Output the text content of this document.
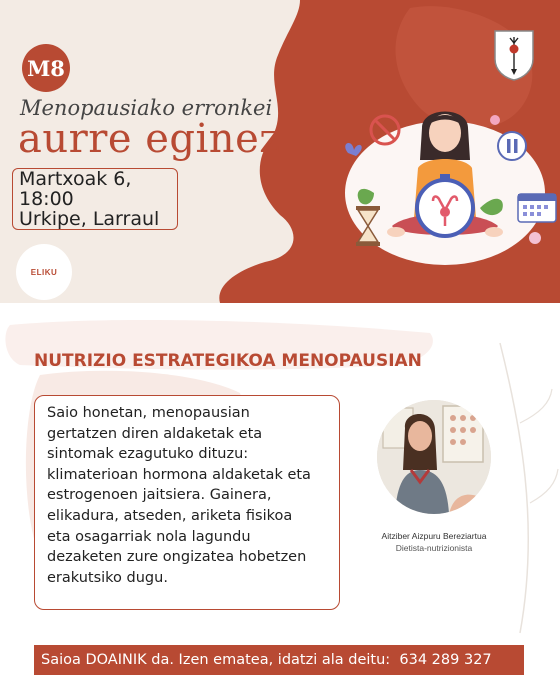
M8
Menopausiako erronkei
aurre eginez
Martxoak 6,
18:00
Urkipe, Larraul
ELIKU
NUTRIZIO ESTRATEGIKOA MENOPAUSIAN

Saio honetan, menopausian

gertatzen diren aldaketak eta

sintomak ezagutuko dituzu:

klimaterioan hormona aldaketak eta

estrogenoen jaitsiera. Gainera,

elikadura, atseden, ariketa fisikoa

eta osagarriak nola lagundu

dezaketen zure ongizatea hobetzen

erakutsiko dugu.

Aitziber Aizpuru Bereziartua
Dietista-nutrizionista
Saioa DOAINIK da. Izen ematea, idatzi ala deitu:  634 289 327
